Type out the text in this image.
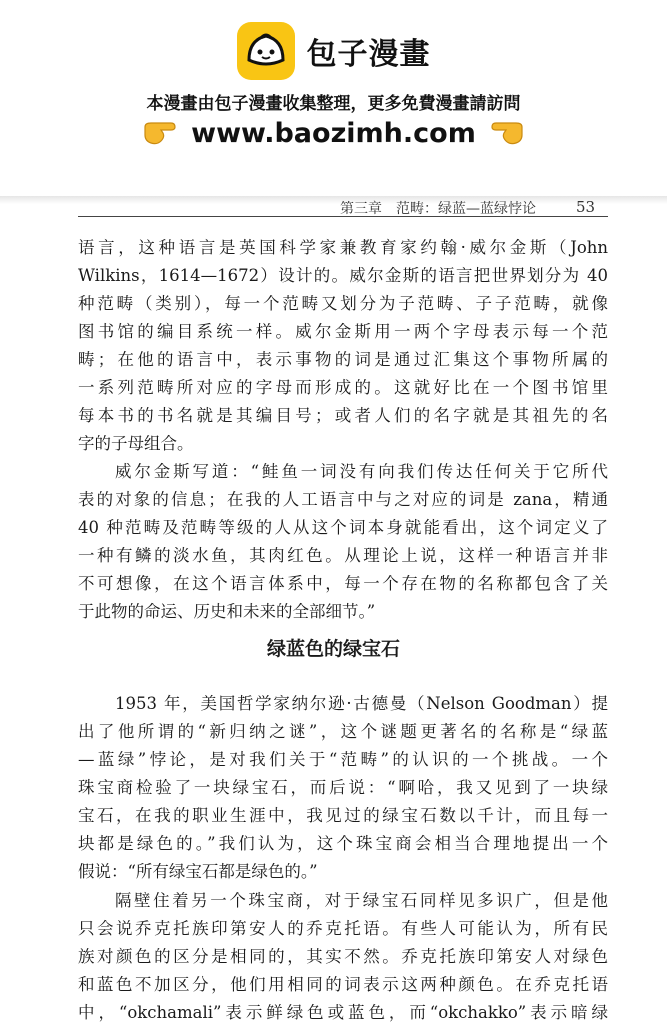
包子漫畫
本漫畫由包子漫畫收集整理，更多免費漫畫請訪問
www.baozimh.com
第三章　范畴：绿蓝—蓝绿悖论	53
语言，这种语言是英国科学家兼教育家约翰·威尔金斯（John
Wilkins，1614—1672）设计的。威尔金斯的语言把世界划分为 40
种范畴（类别），每一个范畴又划分为子范畴、子子范畴，就像
图书馆的编目系统一样。威尔金斯用一两个字母表示每一个范
畴；在他的语言中，表示事物的词是通过汇集这个事物所属的
一系列范畴所对应的字母而形成的。这就好比在一个图书馆里
每本书的书名就是其编目号；或者人们的名字就是其祖先的名
字的子母组合。
威尔金斯写道：“鲑鱼一词没有向我们传达任何关于它所代
表的对象的信息；在我的人工语言中与之对应的词是 zana，精通
40 种范畴及范畴等级的人从这个词本身就能看出，这个词定义了
一种有鳞的淡水鱼，其肉红色。从理论上说，这样一种语言并非
不可想像，在这个语言体系中，每一个存在物的名称都包含了关
于此物的命运、历史和未来的全部细节。”
绿蓝色的绿宝石
1953 年，美国哲学家纳尔逊·古德曼（Nelson Goodman）提
出了他所谓的“新归纳之谜”，这个谜题更著名的名称是“绿蓝
—蓝绿”悖论，是对我们关于“范畴”的认识的一个挑战。一个
珠宝商检验了一块绿宝石，而后说：“啊哈，我又见到了一块绿
宝石，在我的职业生涯中，我见过的绿宝石数以千计，而且每一
块都是绿色的。”我们认为，这个珠宝商会相当合理地提出一个
假说：“所有绿宝石都是绿色的。”
隔壁住着另一个珠宝商，对于绿宝石同样见多识广，但是他
只会说乔克托族印第安人的乔克托语。有些人可能认为，所有民
族对颜色的区分是相同的，其实不然。乔克托族印第安人对绿色
和蓝色不加区分，他们用相同的词表示这两种颜色。在乔克托语
中，“okchamali”表示鲜绿色或蓝色，而“okchakko”表示暗绿
